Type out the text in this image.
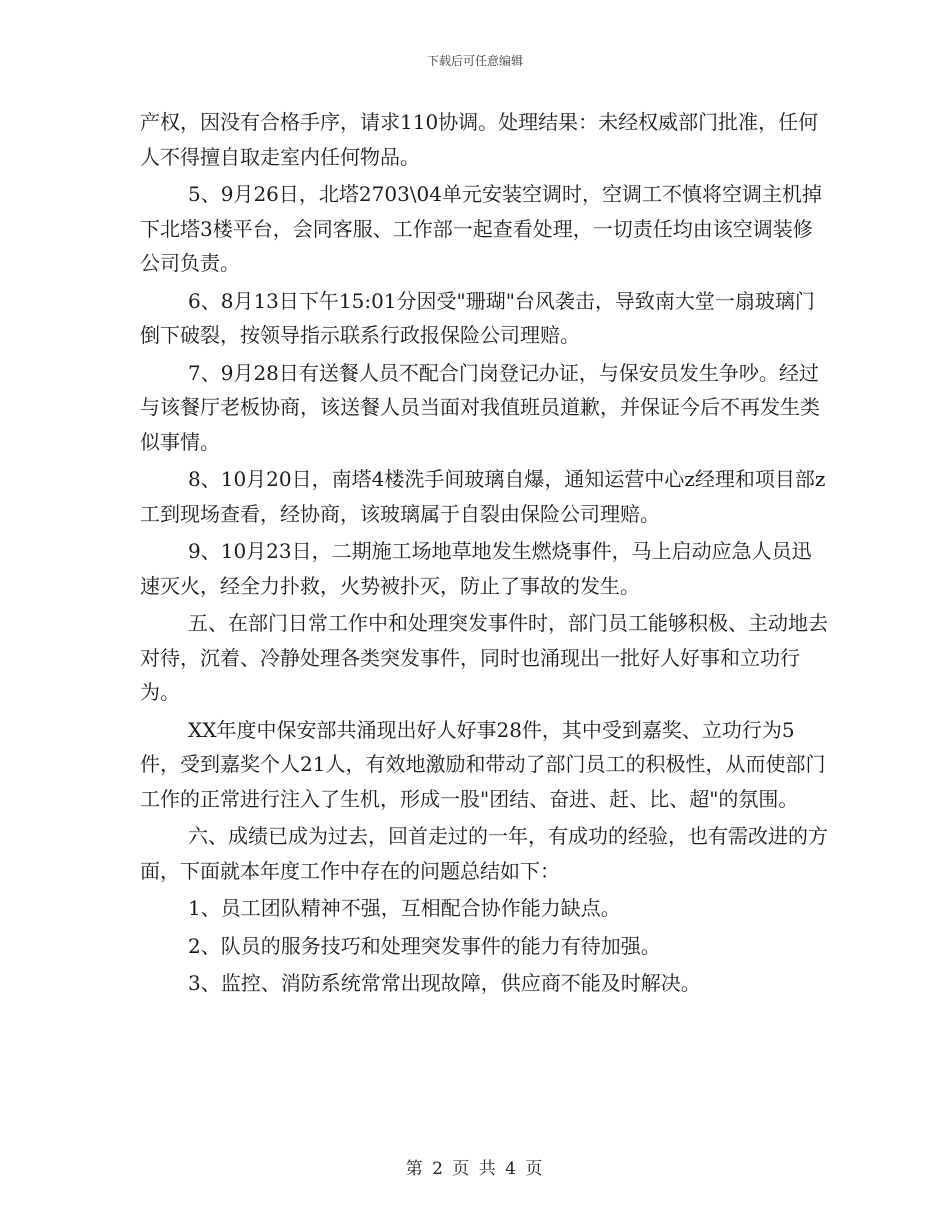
下载后可任意编辑

产权，因没有合格手序，请求110协调。处理结果：未经权威部门批准，任何人不得擅自取走室内任何物品。

5、9月26日，北塔2703\04单元安装空调时，空调工不慎将空调主机掉下北塔3楼平台，会同客服、工作部一起查看处理，一切责任均由该空调装修公司负责。

6、8月13日下午15:01分因受"珊瑚"台风袭击，导致南大堂一扇玻璃门倒下破裂，按领导指示联系行政报保险公司理赔。

7、9月28日有送餐人员不配合门岗登记办证，与保安员发生争吵。经过与该餐厅老板协商，该送餐人员当面对我值班员道歉，并保证今后不再发生类似事情。

8、10月20日，南塔4楼洗手间玻璃自爆，通知运营中心z经理和项目部z工到现场查看，经协商，该玻璃属于自裂由保险公司理赔。

9、10月23日，二期施工场地草地发生燃烧事件，马上启动应急人员迅速灭火，经全力扑救，火势被扑灭，防止了事故的发生。

五、在部门日常工作中和处理突发事件时，部门员工能够积极、主动地去对待，沉着、冷静处理各类突发事件，同时也涌现出一批好人好事和立功行为。

XX年度中保安部共涌现出好人好事28件，其中受到嘉奖、立功行为5件，受到嘉奖个人21人，有效地激励和带动了部门员工的积极性，从而使部门工作的正常进行注入了生机，形成一股"团结、奋进、赶、比、超"的氛围。

六、成绩已成为过去，回首走过的一年，有成功的经验，也有需改进的方面，下面就本年度工作中存在的问题总结如下：

1、员工团队精神不强，互相配合协作能力缺点。

2、队员的服务技巧和处理突发事件的能力有待加强。

3、监控、消防系统常常出现故障，供应商不能及时解决。

第 2 页 共 4 页
